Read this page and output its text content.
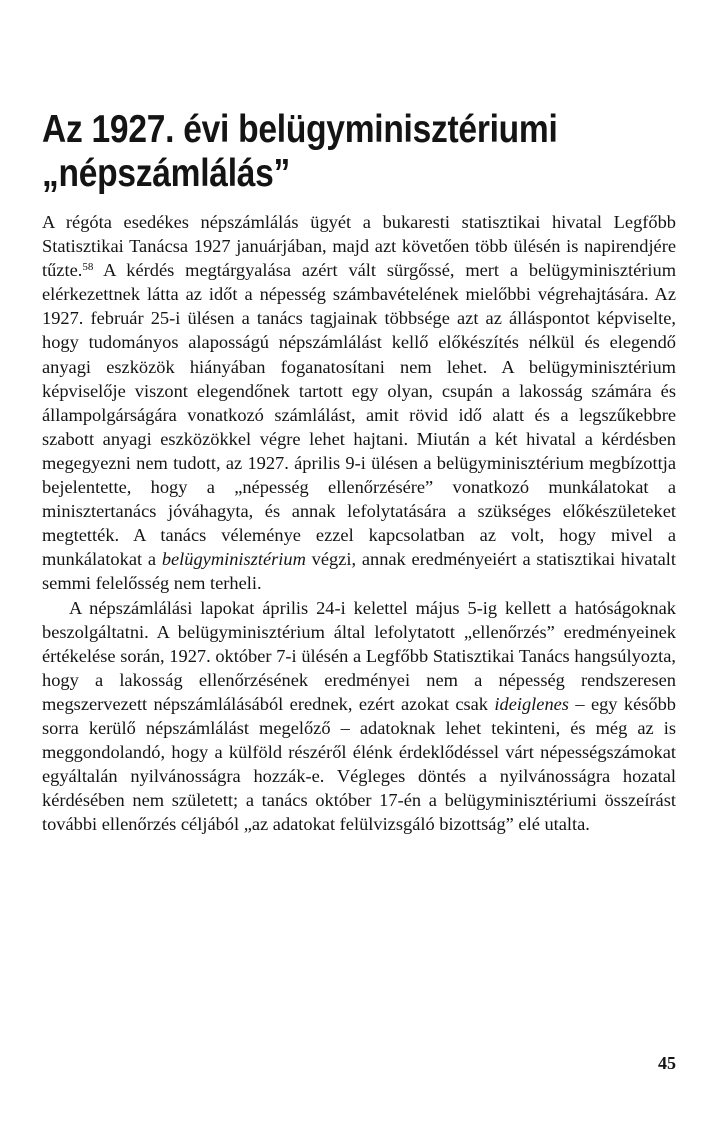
Az 1927. évi belügyminisztériumi
„népszámlálás”

A régóta esedékes népszámlálás ügyét a bukaresti statisztikai hivatal Legfőbb Statisztikai Tanácsa 1927 januárjában, majd azt követően több ülésén is napirendjére tűzte.$^{58}$ A kérdés megtárgyalása azért vált sürgőssé, mert a belügyminisztérium elérkezettnek látta az időt a népesség számbavételének mielőbbi végrehajtására. Az 1927. február 25-i ülésen a tanács tagjainak többsége azt az álláspontot képviselte, hogy tudományos alaposságú népszámlálást kellő előkészítés nélkül és elegendő anyagi eszközök hiányában foganatosítani nem lehet. A belügyminisztérium képviselője viszont elegendőnek tartott egy olyan, csupán a lakosság számára és állampolgárságára vonatkozó számlálást, amit rövid idő alatt és a legszűkebbre szabott anyagi eszközökkel végre lehet hajtani. Miután a két hivatal a kérdésben megegyezni nem tudott, az 1927. április 9-i ülésen a belügyminisztérium megbízottja bejelentette, hogy a „népesség ellenőrzésére” vonatkozó munkálatokat a minisztertanács jóváhagyta, és annak lefolytatására a szükséges előkészületeket megtették. A tanács véleménye ezzel kapcsolatban az volt, hogy mivel a munkálatokat a belügyminisztérium végzi, annak eredményeiért a statisztikai hivatalt semmi felelősség nem terheli.

A népszámlálási lapokat április 24-i kelettel május 5-ig kellett a hatóságoknak beszolgáltatni. A belügyminisztérium által lefolytatott „ellenőrzés” eredményeinek értékelése során, 1927. október 7-i ülésén a Legfőbb Statisztikai Tanács hangsúlyozta, hogy a lakosság ellenőrzésének eredményei nem a népesség rendszeresen megszervezett népszámlálásából erednek, ezért azokat csak ideiglenes – egy később sorra kerülő népszámlálást megelőző – adatoknak lehet tekinteni, és még az is meggondolandó, hogy a külföld részéről élénk érdeklődéssel várt népességszámokat egyáltalán nyilvánosságra hozzák-e. Végleges döntés a nyilvánosságra hozatal kérdésében nem született; a tanács október 17-én a belügyminisztériumi összeírást további ellenőrzés céljából „az adatokat felülvizsgáló bizottság” elé utalta.

45
